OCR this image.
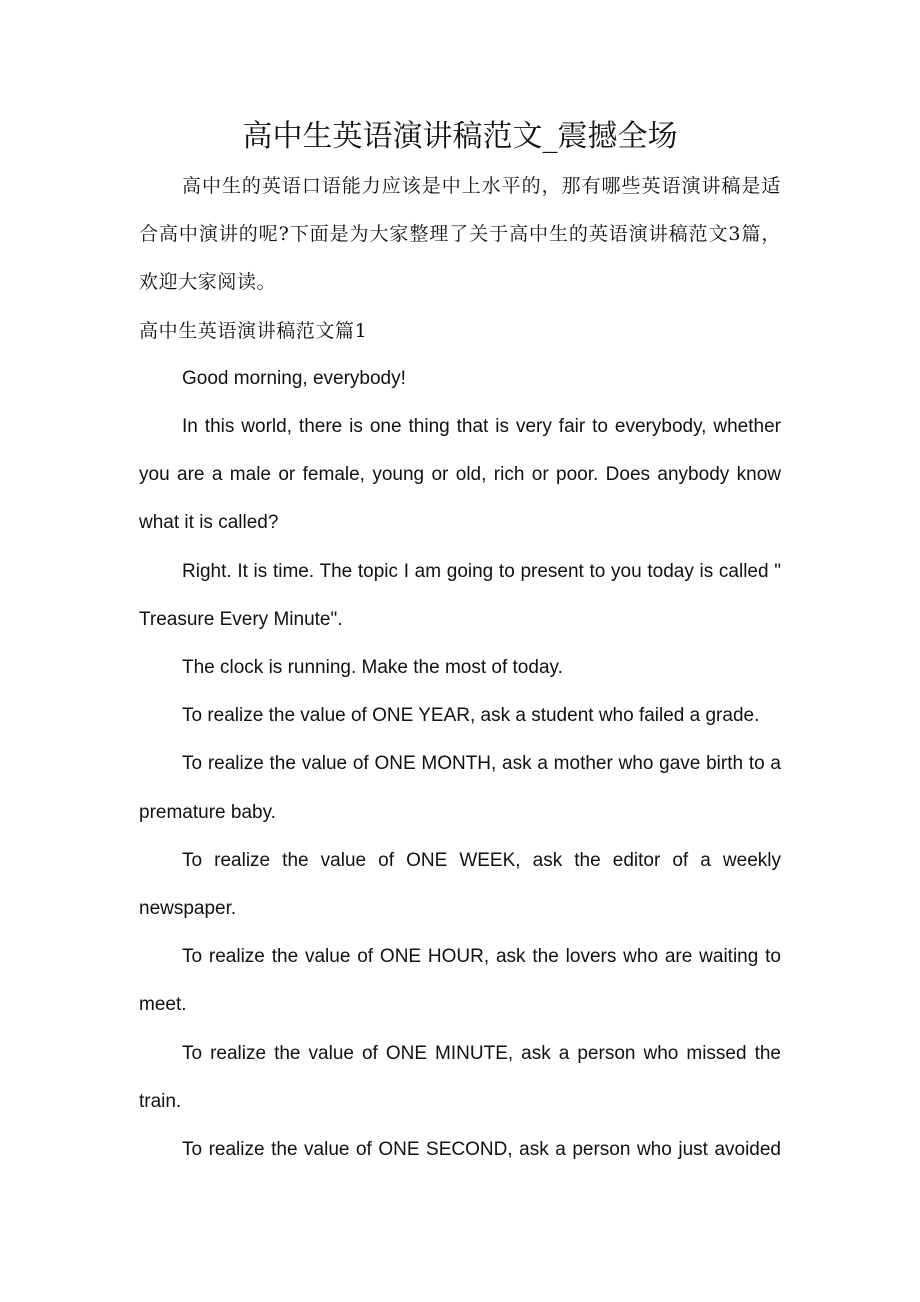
高中生英语演讲稿范文_震撼全场

高中生的英语口语能力应该是中上水平的，那有哪些英语演讲稿是适合高中演讲的呢?下面是为大家整理了关于高中生的英语演讲稿范文3篇，欢迎大家阅读。

高中生英语演讲稿范文篇1

Good morning, everybody!

In this world, there is one thing that is very fair to everybody, whether you are a male or female, young or old, rich or poor. Does anybody know what it is called?

Right. It is time. The topic I am going to present to you today is called " Treasure Every Minute".

The clock is running. Make the most of today.

To realize the value of ONE YEAR, ask a student who failed a grade.

To realize the value of ONE MONTH, ask a mother who gave birth to a premature baby.

To realize the value of ONE WEEK, ask the editor of a weekly newspaper.

To realize the value of ONE HOUR, ask the lovers who are waiting to meet.

To realize the value of ONE MINUTE, ask a person who missed the train.

To realize the value of ONE SECOND, ask a person who just avoided
